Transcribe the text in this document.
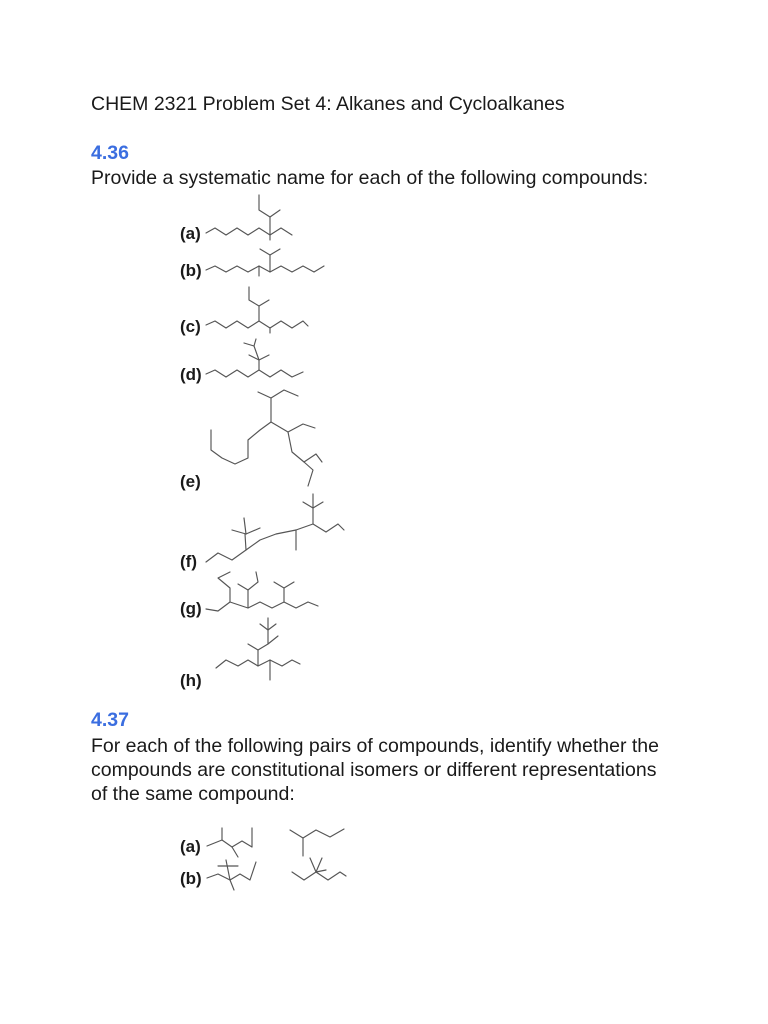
CHEM 2321 Problem Set 4: Alkanes and Cycloalkanes
4.36
Provide a systematic name for each of the following compounds:
(a)
(b)
(c)
(d)
(e)
(f)
(g)
(h)
4.37
For each of the following pairs of compounds, identify whether the
compounds are constitutional isomers or different representations
of the same compound:
(a)
(b)
